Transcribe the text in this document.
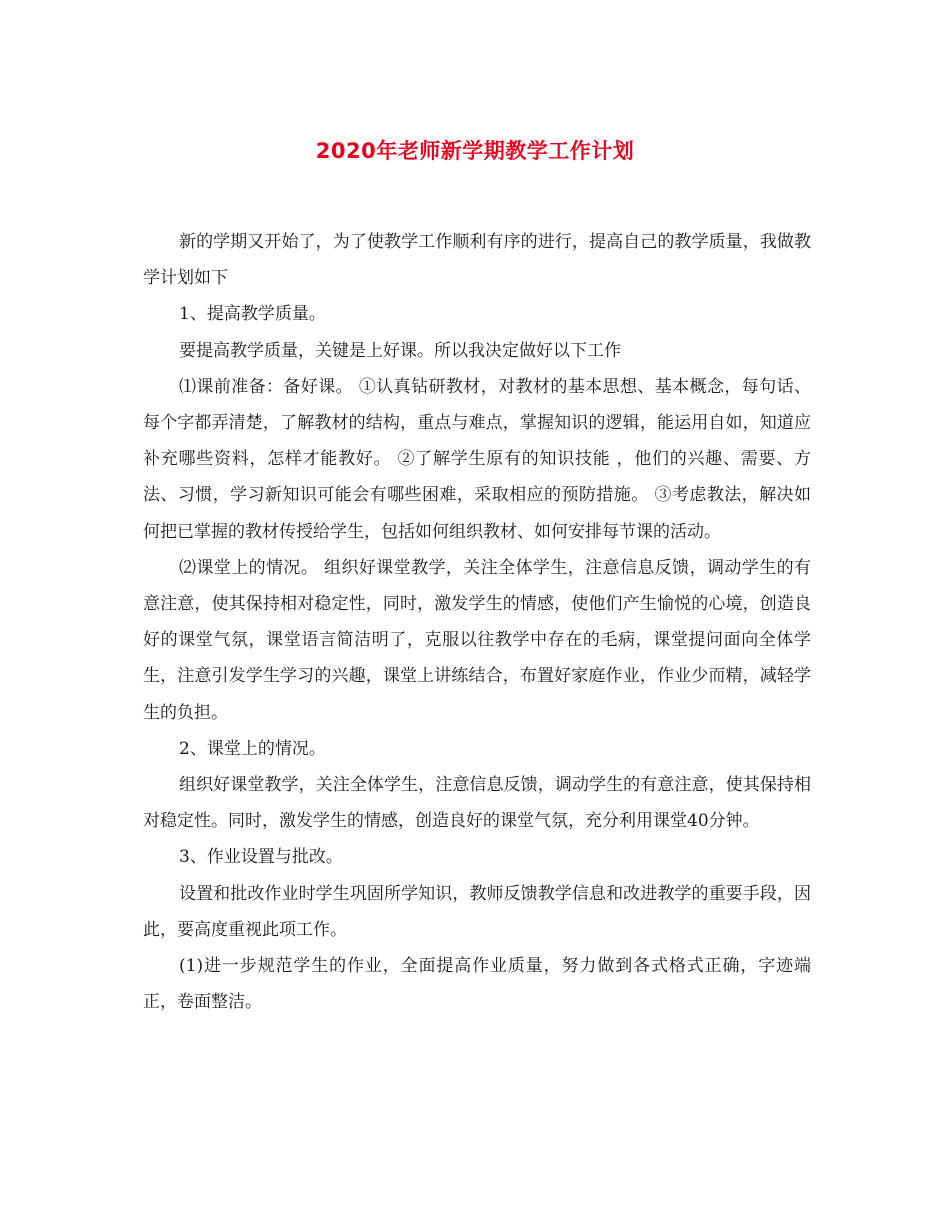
2020年老师新学期教学工作计划

新的学期又开始了，为了使教学工作顺利有序的进行，提高自己的教学质量，我做教学计划如下

1、提高教学质量。

要提高教学质量，关键是上好课。所以我决定做好以下工作

⑴课前准备：备好课。 ①认真钻研教材，对教材的基本思想、基本概念，每句话、每个字都弄清楚，了解教材的结构，重点与难点，掌握知识的逻辑，能运用自如，知道应补充哪些资料，怎样才能教好。 ②了解学生原有的知识技能 ，他们的兴趣、需要、方法、习惯，学习新知识可能会有哪些困难，采取相应的预防措施。 ③考虑教法，解决如何把已掌握的教材传授给学生，包括如何组织教材、如何安排每节课的活动。

⑵课堂上的情况。 组织好课堂教学，关注全体学生，注意信息反馈，调动学生的有意注意，使其保持相对稳定性，同时，激发学生的情感，使他们产生愉悦的心境，创造良好的课堂气氛，课堂语言简洁明了，克服以往教学中存在的毛病，课堂提问面向全体学生，注意引发学生学习的兴趣，课堂上讲练结合，布置好家庭作业，作业少而精，减轻学生的负担。

2、课堂上的情况。

组织好课堂教学，关注全体学生，注意信息反馈，调动学生的有意注意，使其保持相对稳定性。同时，激发学生的情感，创造良好的课堂气氛，充分利用课堂40分钟。

3、作业设置与批改。

设置和批改作业时学生巩固所学知识，教师反馈教学信息和改进教学的重要手段，因此，要高度重视此项工作。

(1)进一步规范学生的作业，全面提高作业质量，努力做到各式格式正确，字迹端正，卷面整洁。
